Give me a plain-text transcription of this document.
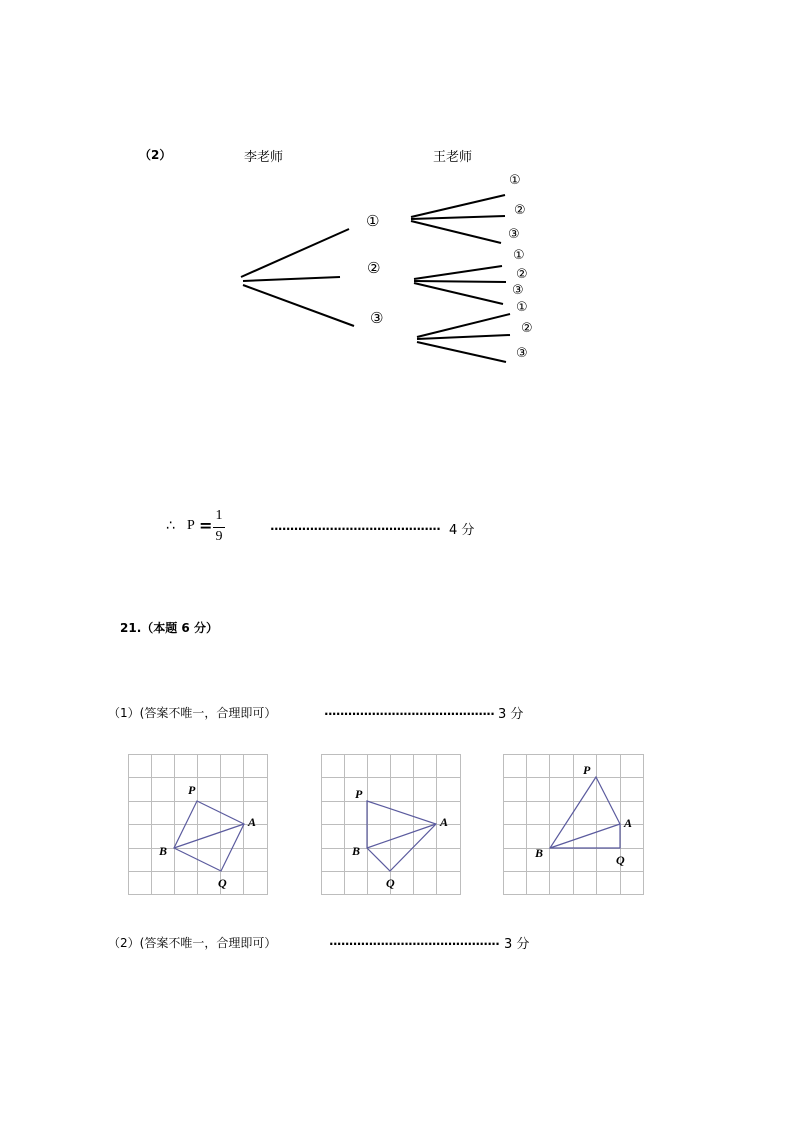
（2）	李老师	王老师
①
②
③
①
②
③
①
②
③
①
②
③
∴ P =
1
9
........................................... 4 分
21.（本题 6 分）
（1）(答案不唯一，合理即可）	........................................... 3 分
P
A
B
Q
P
A
B
Q
P
A
B	Q
（2）(答案不唯一，合理即可）	........................................... 3 分
